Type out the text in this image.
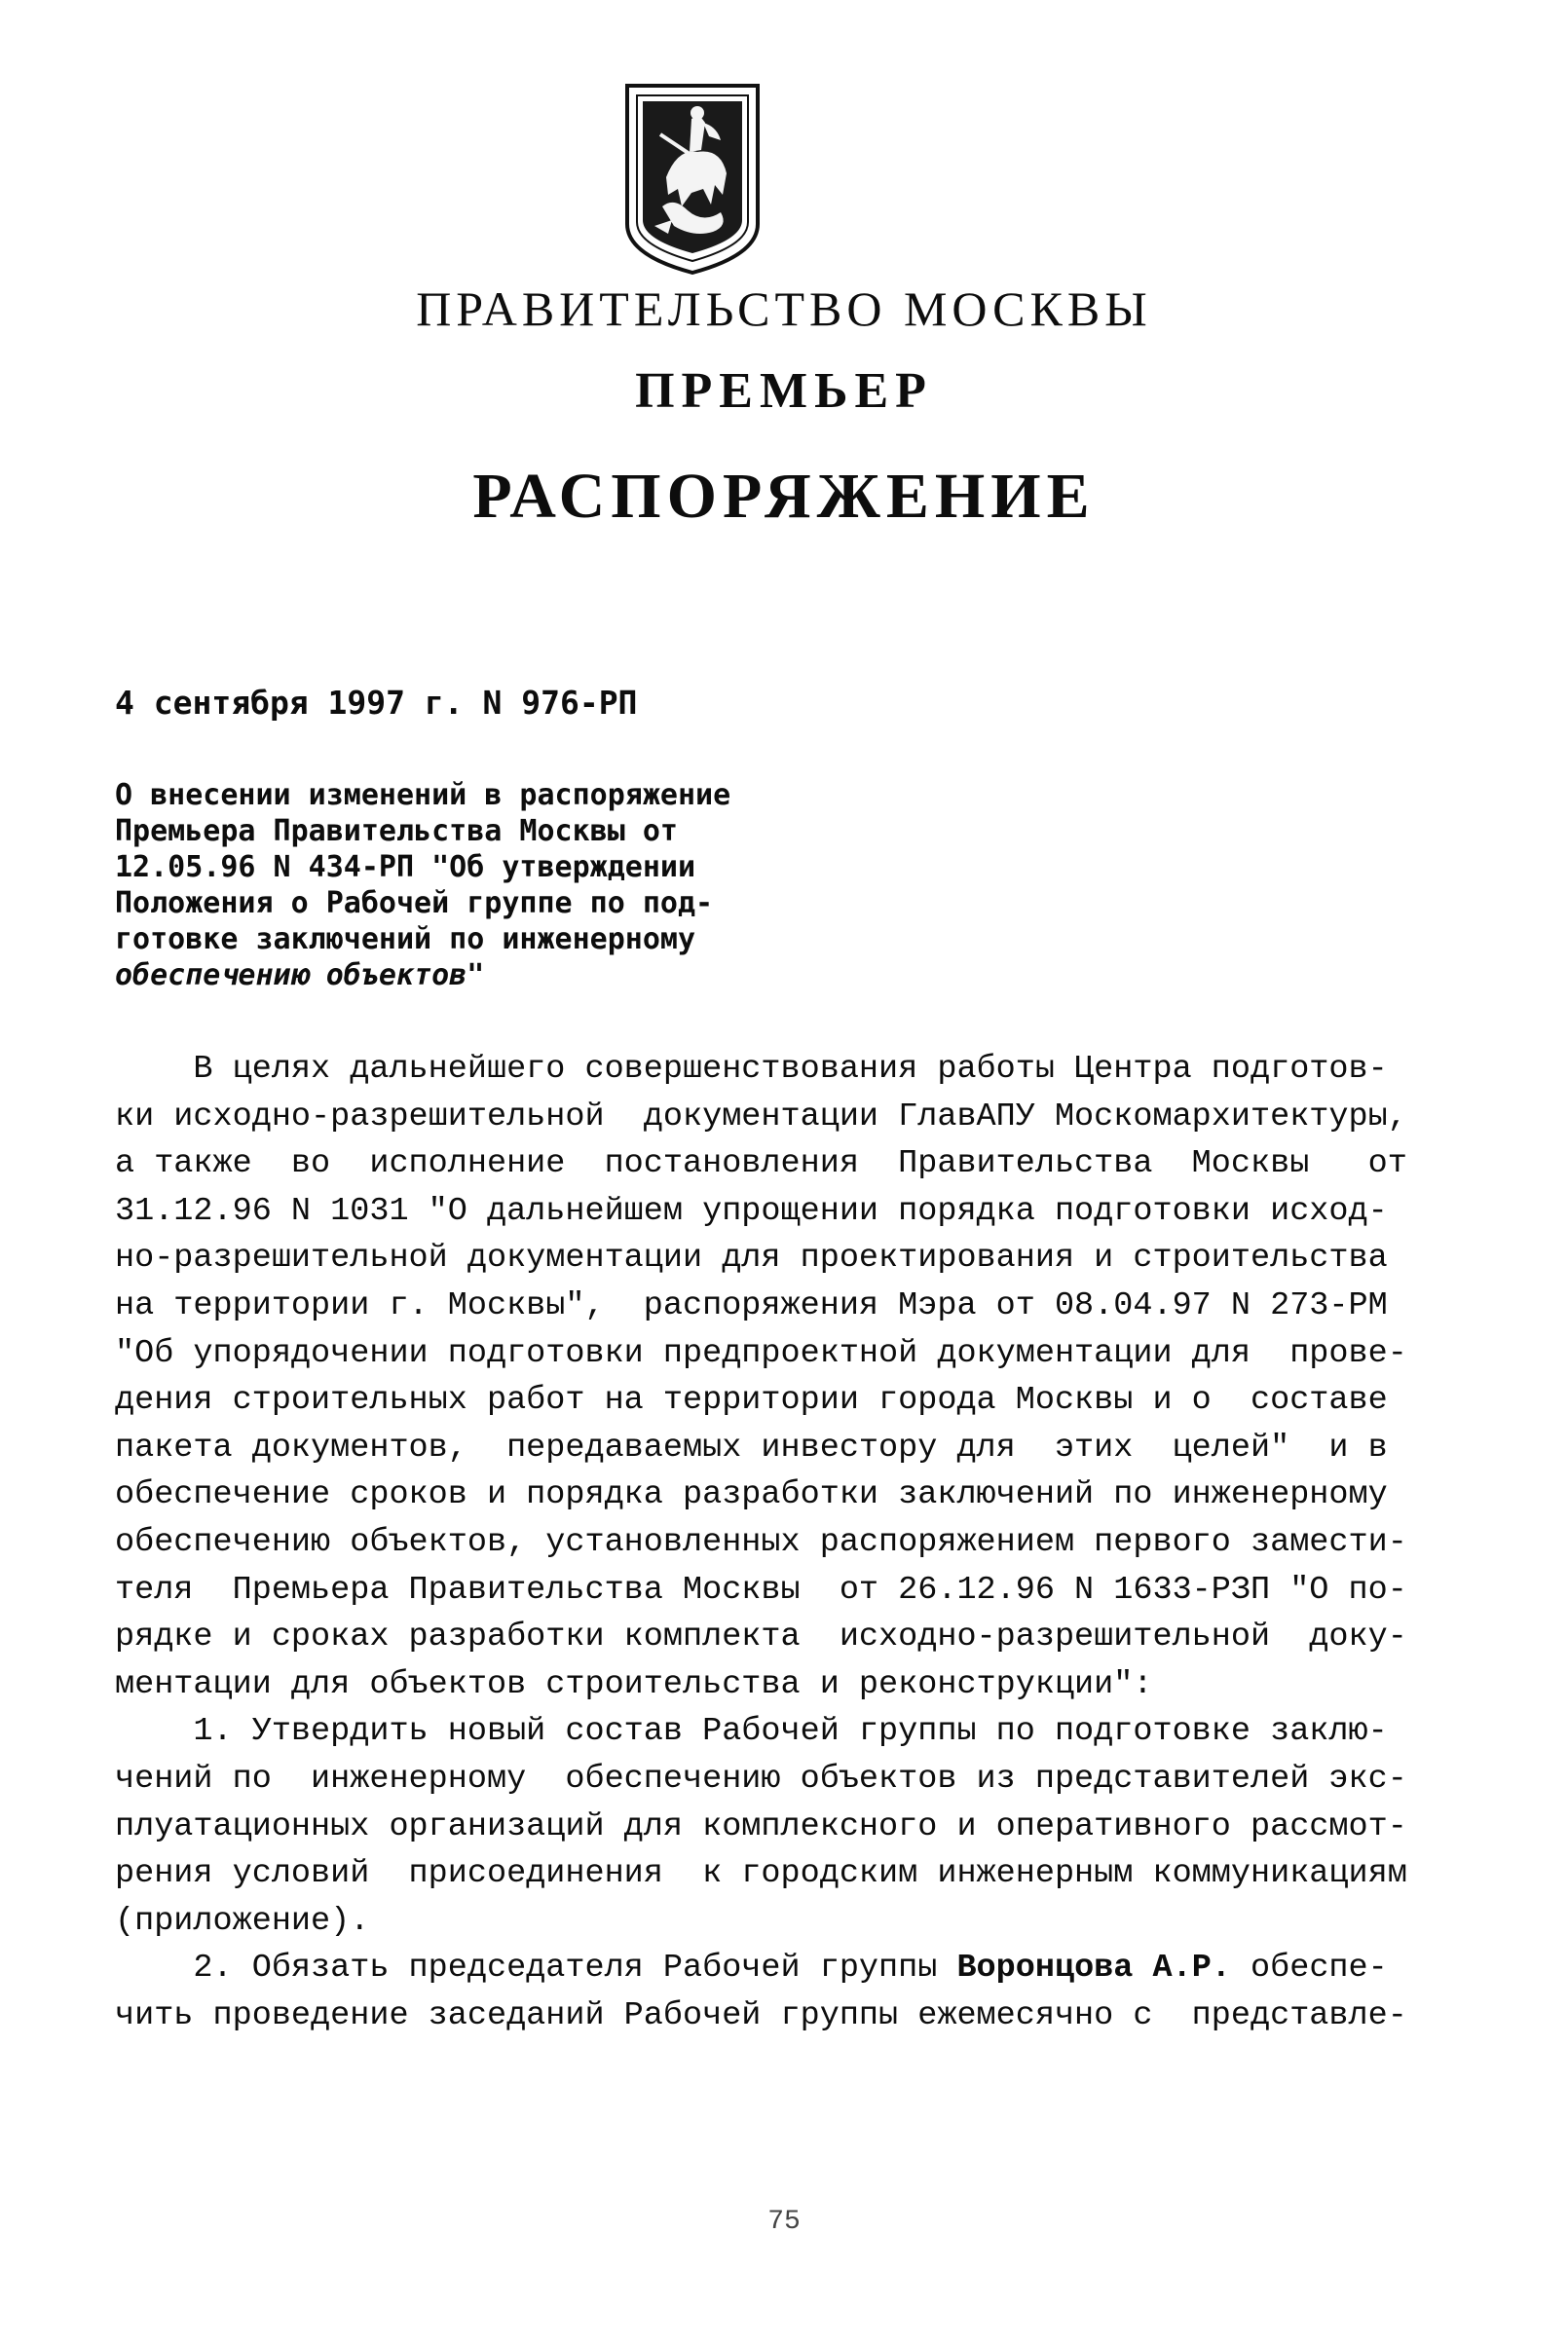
ПРАВИТЕЛЬСТВО МОСКВЫ
ПРЕМЬЕР
РАСПОРЯЖЕНИЕ
4 сентября 1997 г. N 976-РП
О внесении изменений в распоряжение
Премьера Правительства Москвы от
12.05.96 N 434-РП "Об утверждении
Положения о Рабочей группе по под-
готовке заключений по инженерному
обеспечению объектов"
В целях дальнейшего совершенствования работы Центра подготов-
ки исходно-разрешительной  документации ГлавАПУ Москомархитектуры,
а также  во  исполнение  постановления  Правительства  Москвы   от
31.12.96 N 1031 "О дальнейшем упрощении порядка подготовки исход-
но-разрешительной документации для проектирования и строительства
на территории г. Москвы",  распоряжения Мэра от 08.04.97 N 273-РМ
"Об упорядочении подготовки предпроектной документации для  прове-
дения строительных работ на территории города Москвы и о  составе
пакета документов,  передаваемых инвестору для  этих  целей"  и в
обеспечение сроков и порядка разработки заключений по инженерному
обеспечению объектов, установленных распоряжением первого замести-
теля  Премьера Правительства Москвы  от 26.12.96 N 1633-РЗП "О по-
рядке и сроках разработки комплекта  исходно-разрешительной  доку-
ментации для объектов строительства и реконструкции":
1. Утвердить новый состав Рабочей группы по подготовке заклю-
чений по  инженерному  обеспечению объектов из представителей экс-
плуатационных организаций для комплексного и оперативного рассмот-
рения условий  присоединения  к городским инженерным коммуникациям
(приложение).
2. Обязать председателя Рабочей группы Воронцова А.Р. обеспе-
чить проведение заседаний Рабочей группы ежемесячно с  представле-
75
